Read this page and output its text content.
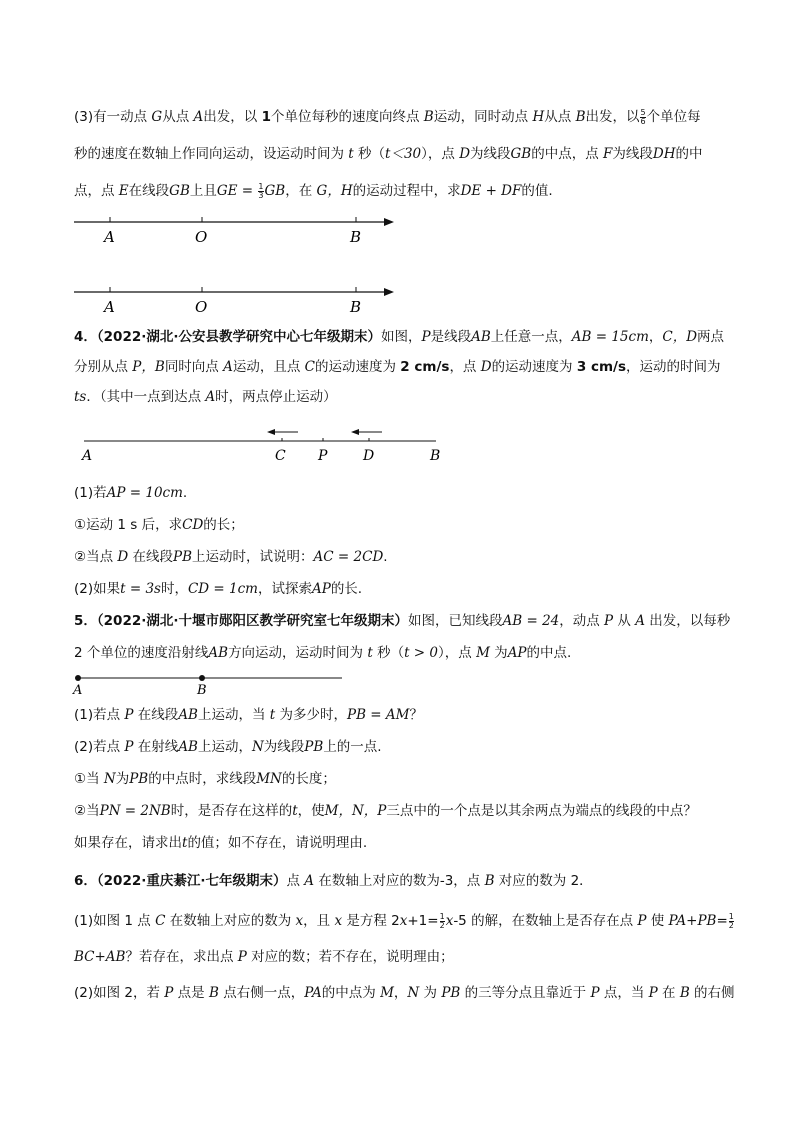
(3)有一动点 G从点 A出发，以 1个单位每秒的速度向终点 B运动，同时动点 H从点 B出发，以 $\frac{5}{6}$ 个单位每
秒的速度在数轴上作同向运动，设运动时间为 t 秒（t＜30），点 D为线段GB的中点，点 F为线段DH的中
点，点 E在线段GB上且GE = $\frac{1}{3}$ GB，在 G，H的运动过程中，求DE + DF的值.
A	O	B
A	O	B
4．（2022·湖北·公安县教学研究中心七年级期末）如图，P是线段AB上任意一点，AB = 15cm，C，D两点
分别从点 P，B同时向点 A运动，且点 C的运动速度为 2 cm/s，点 D的运动速度为 3 cm/s，运动的时间为
ts．（其中一点到达点 A时，两点停止运动）
A	C P	D	B
(1)若AP = 10cm.
①运动 1 s 后，求CD的长；
②当点 D 在线段PB上运动时，试说明：AC = 2CD.
(2)如果t = 3s时，CD = 1cm，试探索AP的长.
5．（2022·湖北·十堰市郧阳区教学研究室七年级期末）如图，已知线段AB = 24，动点 P 从 A 出发，以每秒
2 个单位的速度沿射线AB方向运动，运动时间为 t 秒（t > 0），点 M 为AP的中点.
A	B
(1)若点 P 在线段AB上运动，当 t 为多少时，PB = AM？
(2)若点 P 在射线AB上运动，N为线段PB上的一点.
①当 N为PB的中点时，求线段MN的长度；
②当PN = 2NB时，是否存在这样的t，使M，N，P三点中的一个点是以其余两点为端点的线段的中点？
如果存在，请求出t的值；如不存在，请说明理由.
6．（2022·重庆綦江·七年级期末）点 A 在数轴上对应的数为-3，点 B 对应的数为 2．
(1)如图 1 点 C 在数轴上对应的数为 x，且 x 是方程 $2x+1= \frac{1}{2} x-5$ 的解，在数轴上是否存在点 P 使 $PA+PB= \frac{1}{2}$
BC+AB？若存在，求出点 P 对应的数；若不存在，说明理由；
(2)如图 2，若 P 点是 B 点右侧一点，PA的中点为 M，N 为 PB 的三等分点且靠近于 P 点，当 P 在 B 的右侧
